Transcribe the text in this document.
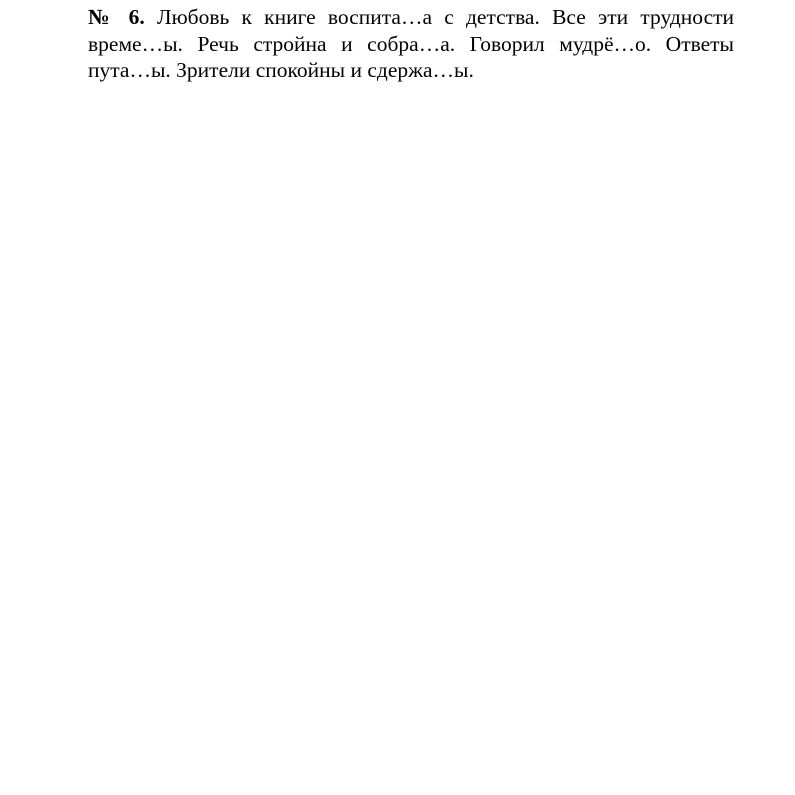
№ 6. Любовь к книге воспита…а с детства. Все эти трудности време…ы. Речь стройна и собра…а. Говорил мудрё…о. Ответы пута…ы. Зрители спокойны и сдержа…ы.
